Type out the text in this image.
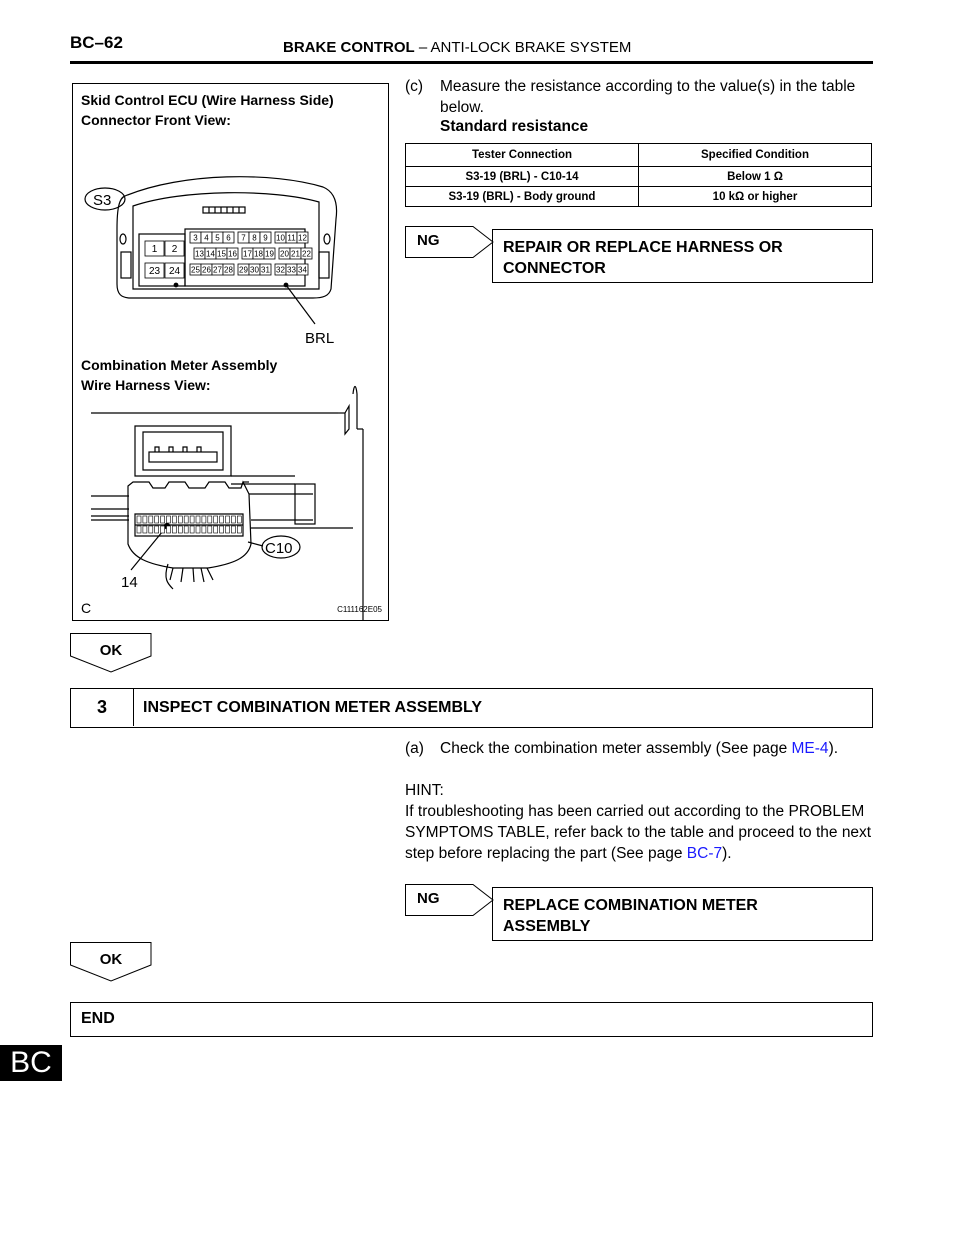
BC–62	BRAKE CONTROL – ANTI-LOCK BRAKE SYSTEM
Skid Control ECU (Wire Harness Side)
Connector Front View:
Combination Meter Assembly
Wire Harness View:
S3
BRL
1 2
23 24
3 4 5 6 7 8 9 10 11 12
13 14 15 16 17 18 19 20 21 22
25 26 27 28 29 30 31 32 33 34
C10
14
C	C111162E05
(c) Measure the resistance according to the value(s) in the table below.
Standard resistance
Tester Connection	Specified Condition
S3-19 (BRL) - C10-14	Below 1 Ω
S3-19 (BRL) - Body ground	10 kΩ or higher
NG	REPAIR OR REPLACE HARNESS OR
CONNECTOR
OK
3	INSPECT COMBINATION METER ASSEMBLY
(a) Check the combination meter assembly (See page ME-4).
HINT:
If troubleshooting has been carried out according to the PROBLEM SYMPTOMS TABLE, refer back to the table and proceed to the next step before replacing the part (See page BC-7).
NG	REPLACE COMBINATION METER
ASSEMBLY
OK
END
BC
